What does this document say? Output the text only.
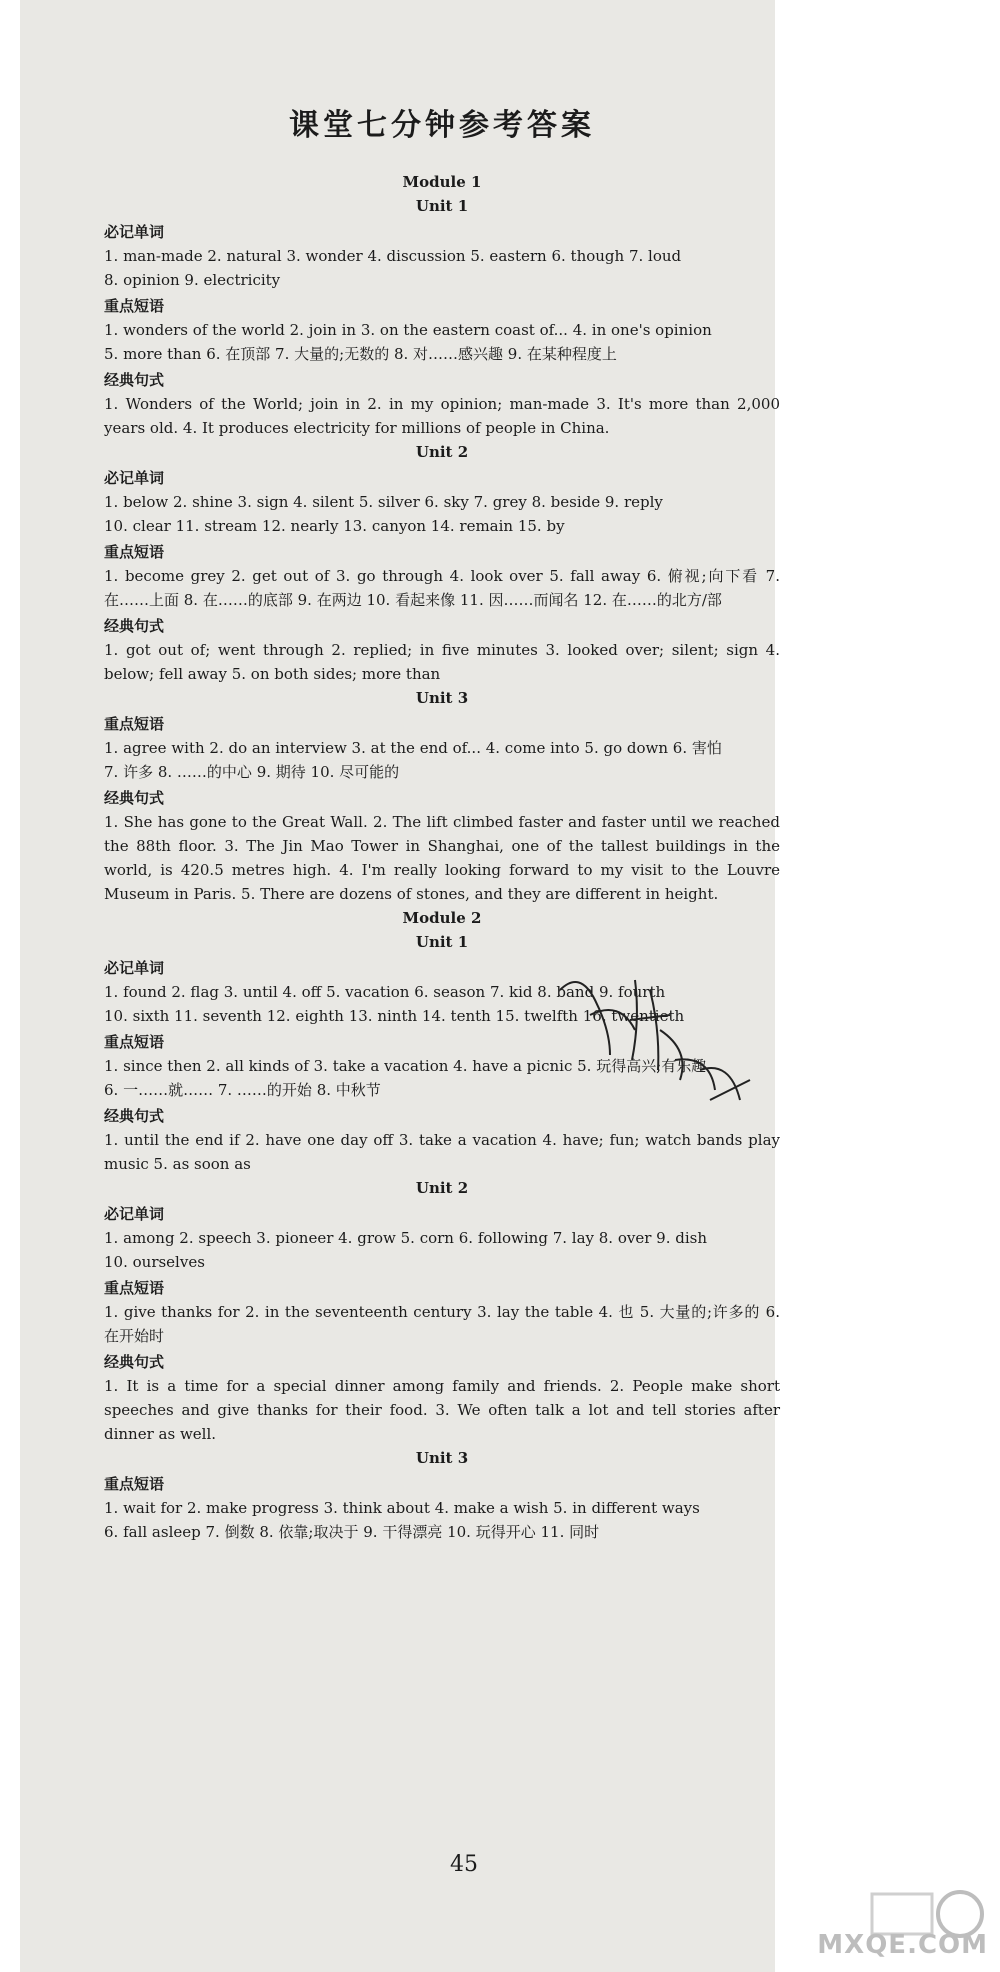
课堂七分钟参考答案
Module 1
Unit 1
必记单词
1. man-made 2. natural 3. wonder 4. discussion 5. eastern 6. though 7. loud
8. opinion 9. electricity
重点短语
1. wonders of the world 2. join in 3. on the eastern coast of... 4. in one's opinion
5. more than 6. 在顶部 7. 大量的;无数的 8. 对……感兴趣 9. 在某种程度上
经典句式
1. Wonders of the World; join in 2. in my opinion; man-made 3. It's more than 2,000 years old. 4. It produces electricity for millions of people in China.
Unit 2
必记单词
1. below 2. shine 3. sign 4. silent 5. silver 6. sky 7. grey 8. beside 9. reply
10. clear 11. stream 12. nearly 13. canyon 14. remain 15. by
重点短语
1. become grey 2. get out of 3. go through 4. look over 5. fall away 6. 俯视;向下看 7. 在……上面 8. 在……的底部 9. 在两边 10. 看起来像 11. 因……而闻名 12. 在……的北方/部
经典句式
1. got out of; went through 2. replied; in five minutes 3. looked over; silent; sign 4. below; fell away 5. on both sides; more than
Unit 3
重点短语
1. agree with 2. do an interview 3. at the end of... 4. come into 5. go down 6. 害怕
7. 许多 8. ……的中心 9. 期待 10. 尽可能的
经典句式
1. She has gone to the Great Wall. 2. The lift climbed faster and faster until we reached the 88th floor. 3. The Jin Mao Tower in Shanghai, one of the tallest buildings in the world, is 420.5 metres high. 4. I'm really looking forward to my visit to the Louvre Museum in Paris. 5. There are dozens of stones, and they are different in height.
Module 2
Unit 1
必记单词
1. found 2. flag 3. until 4. off 5. vacation 6. season 7. kid 8. band 9. fourth
10. sixth 11. seventh 12. eighth 13. ninth 14. tenth 15. twelfth 16. twentieth
重点短语
1. since then 2. all kinds of 3. take a vacation 4. have a picnic 5. 玩得高兴;有乐趣
6. 一……就…… 7. ……的开始 8. 中秋节
经典句式
1. until the end if 2. have one day off 3. take a vacation 4. have; fun; watch bands play music 5. as soon as
Unit 2
必记单词
1. among 2. speech 3. pioneer 4. grow 5. corn 6. following 7. lay 8. over 9. dish
10. ourselves
重点短语
1. give thanks for 2. in the seventeenth century 3. lay the table 4. 也 5. 大量的;许多的 6. 在开始时
经典句式
1. It is a time for a special dinner among family and friends. 2. People make short speeches and give thanks for their food. 3. We often talk a lot and tell stories after dinner as well.
Unit 3
重点短语
1. wait for 2. make progress 3. think about 4. make a wish 5. in different ways
6. fall asleep 7. 倒数 8. 依靠;取决于 9. 干得漂亮 10. 玩得开心 11. 同时
45
MXQE.COM
